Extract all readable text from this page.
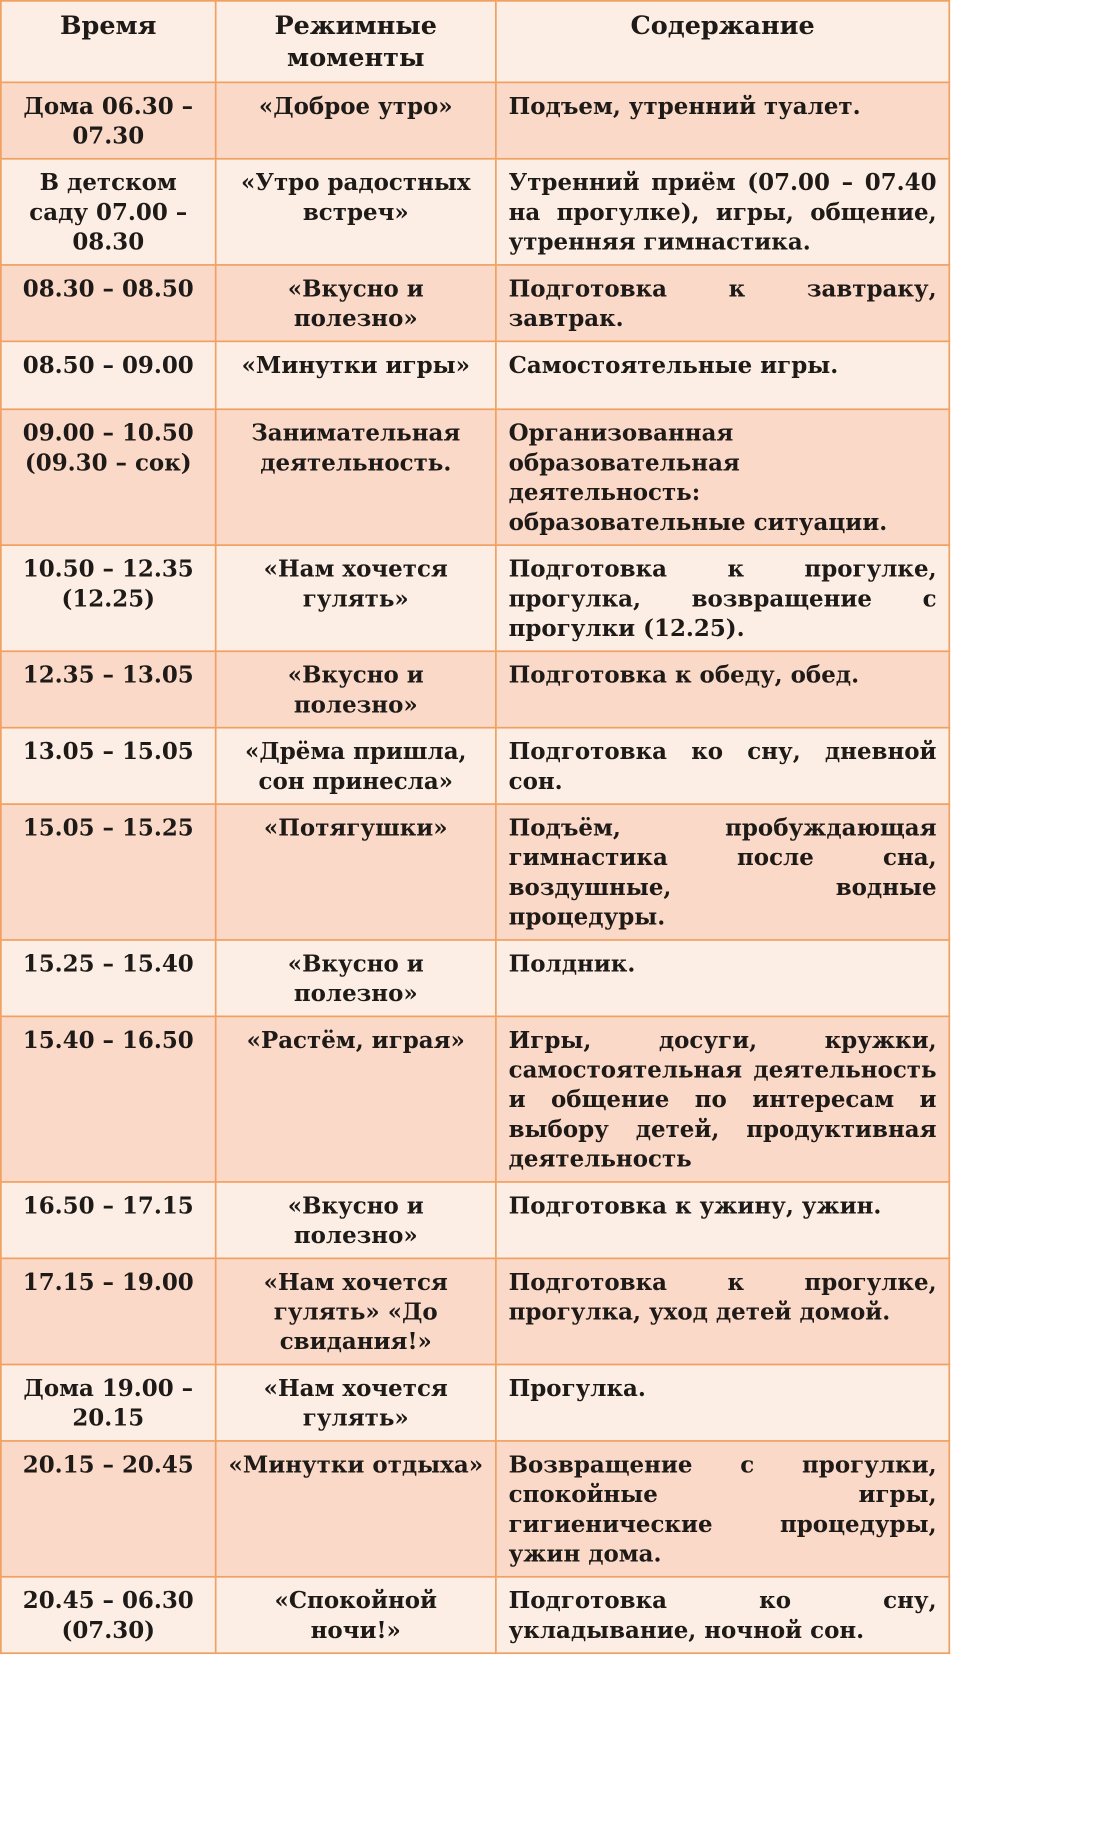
Время	Режимные моменты	Содержание
Дома 06.30 – 07.30	«Доброе утро»	Подъем, утренний туалет.
В детском саду 07.00 – 08.30	«Утро радостных встреч»	Утренний приём (07.00 – 07.40 на прогулке), игры, общение, утренняя гимнастика.
08.30 – 08.50	«Вкусно и полезно»	Подготовка к завтраку, завтрак.
08.50 – 09.00	«Минутки игры»	Самостоятельные игры.
09.00 – 10.50 (09.30 – сок)	Занимательная деятельность.	Организованная образовательная деятельность: образовательные ситуации.
10.50 – 12.35 (12.25)	«Нам хочется гулять»	Подготовка к прогулке, прогулка, возвращение с прогулки (12.25).
12.35 – 13.05	«Вкусно и полезно»	Подготовка к обеду, обед.
13.05 – 15.05	«Дрёма пришла, сон принесла»	Подготовка ко сну, дневной сон.
15.05 – 15.25	«Потягушки»	Подъём, пробуждающая гимнастика после сна, воздушные, водные процедуры.
15.25 – 15.40	«Вкусно и полезно»	Полдник.
15.40 – 16.50	«Растём, играя»	Игры, досуги, кружки, самостоятельная деятельность и общение по интересам и выбору детей, продуктивная деятельность
16.50 – 17.15	«Вкусно и полезно»	Подготовка к ужину, ужин.
17.15 – 19.00	«Нам хочется гулять» «До свидания!»	Подготовка к прогулке, прогулка, уход детей домой.
Дома 19.00 – 20.15	«Нам хочется гулять»	Прогулка.
20.15 – 20.45	«Минутки отдыха»	Возвращение с прогулки, спокойные игры, гигиенические процедуры, ужин дома.
20.45 – 06.30 (07.30)	«Спокойной ночи!»	Подготовка ко сну, укладывание, ночной сон.
